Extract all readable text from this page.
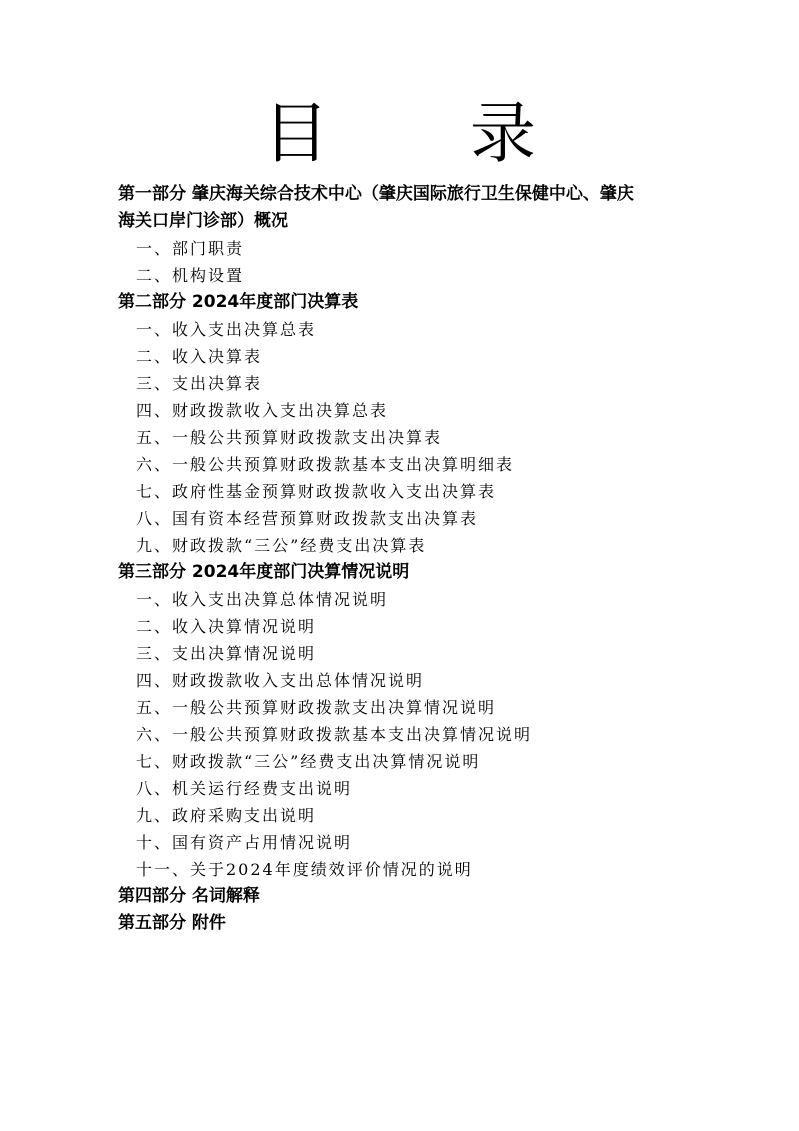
目 录
第一部分 肇庆海关综合技术中心（肇庆国际旅行卫生保健中心、肇庆
海关口岸门诊部）概况
一、部门职责
二、机构设置
第二部分 2024年度部门决算表
一、收入支出决算总表
二、收入决算表
三、支出决算表
四、财政拨款收入支出决算总表
五、一般公共预算财政拨款支出决算表
六、一般公共预算财政拨款基本支出决算明细表
七、政府性基金预算财政拨款收入支出决算表
八、国有资本经营预算财政拨款支出决算表
九、财政拨款“三公”经费支出决算表
第三部分 2024年度部门决算情况说明
一、收入支出决算总体情况说明
二、收入决算情况说明
三、支出决算情况说明
四、财政拨款收入支出总体情况说明
五、一般公共预算财政拨款支出决算情况说明
六、一般公共预算财政拨款基本支出决算情况说明
七、财政拨款“三公”经费支出决算情况说明
八、机关运行经费支出说明
九、政府采购支出说明
十、国有资产占用情况说明
十一、关于2024年度绩效评价情况的说明
第四部分 名词解释
第五部分 附件
